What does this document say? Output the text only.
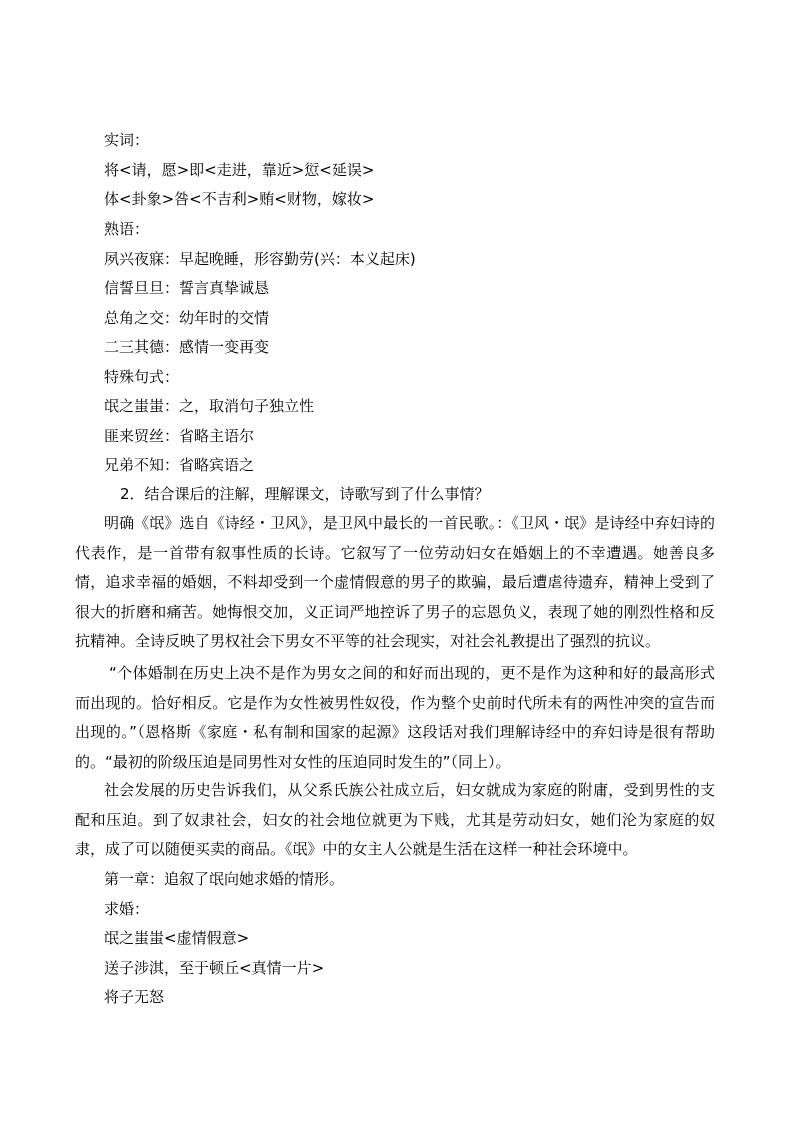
实词：
将<请，愿>即<走进，靠近>愆<延误>
体<卦象>咎<不吉利>贿<财物，嫁妆>
熟语：
夙兴夜寐：早起晚睡，形容勤劳(兴：本义起床)
信誓旦旦：誓言真挚诚恳
总角之交：幼年时的交情
二三其德：感情一变再变
特殊句式：
氓之蚩蚩：之，取消句子独立性
匪来贸丝：省略主语尔
兄弟不知：省略宾语之
2．结合课后的注解，理解课文，诗歌写到了什么事情？
明确《氓》选自《诗经・卫风》，是卫风中最长的一首民歌。：《卫风・氓》是诗经中弃妇诗的代表作，是一首带有叙事性质的长诗。它叙写了一位劳动妇女在婚姻上的不幸遭遇。她善良多情，追求幸福的婚姻，不料却受到一个虚情假意的男子的欺骗，最后遭虐待遗弃，精神上受到了很大的折磨和痛苦。她悔恨交加，义正词严地控诉了男子的忘恩负义，表现了她的刚烈性格和反抗精神。全诗反映了男权社会下男女不平等的社会现实，对社会礼教提出了强烈的抗议。
“个体婚制在历史上决不是作为男女之间的和好而出现的，更不是作为这种和好的最高形式而出现的。恰好相反。它是作为女性被男性奴役，作为整个史前时代所未有的两性冲突的宣告而出现的。”（恩格斯《家庭・私有制和国家的起源》这段话对我们理解诗经中的弃妇诗是很有帮助的。“最初的阶级压迫是同男性对女性的压迫同时发生的”（同上）。
社会发展的历史告诉我们，从父系氏族公社成立后，妇女就成为家庭的附庸，受到男性的支配和压迫。到了奴隶社会，妇女的社会地位就更为下贱，尤其是劳动妇女，她们沦为家庭的奴隶，成了可以随便买卖的商品。《氓》中的女主人公就是生活在这样一种社会环境中。
第一章：追叙了氓向她求婚的情形。
求婚：
氓之蚩蚩<虚情假意>
送子涉淇，至于顿丘<真情一片>
将子无怒
